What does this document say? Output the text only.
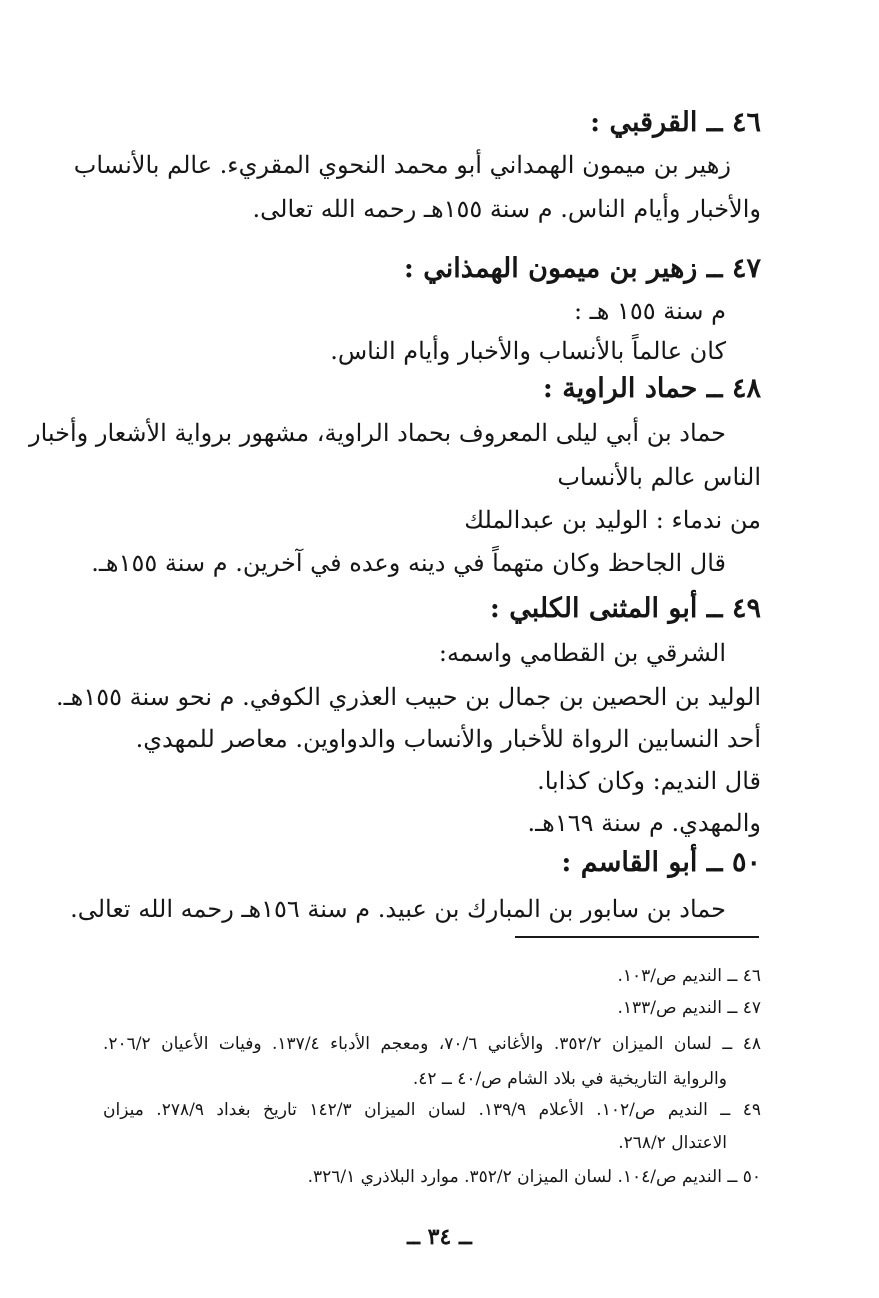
٤٦ ــ القرقبي :
زهير بن ميمون الهمداني أبو محمد النحوي المقريء. عالم بالأنساب
والأخبار وأيام الناس. م سنة ١٥٥هـ رحمه الله تعالى.
٤٧ ــ زهير بن ميمون الهمذاني :
م سنة ١٥٥ هـ :
كان عالماً بالأنساب والأخبار وأيام الناس.
٤٨ ــ حماد الراوية :
حماد بن أبي ليلى المعروف بحماد الراوية، مشهور برواية الأشعار وأخبار
الناس عالم بالأنساب
من ندماء : الوليد بن عبدالملك
قال الجاحظ وكان متهماً في دينه وعده في آخرين. م سنة ١٥٥هـ.
٤٩ ــ أبو المثنى الكلبي :
الشرقي بن القطامي واسمه:
الوليد بن الحصين بن جمال بن حبيب العذري الكوفي. م نحو سنة ١٥٥هـ.
أحد النسابين الرواة للأخبار والأنساب والدواوين. معاصر للمهدي.
قال النديم: وكان كذابا.
والمهدي. م سنة ١٦٩هـ.
٥٠ ــ أبو القاسم :
حماد بن سابور بن المبارك بن عبيد. م سنة ١٥٦هـ رحمه الله تعالى.
٤٦ ــ النديم ص/١٠٣.
٤٧ ــ النديم ص/١٣٣.
٤٨ ــ لسان الميزان ٣٥٢/٢. والأغاني ٧٠/٦، ومعجم الأدباء ١٣٧/٤. وفيات الأعيان ٢٠٦/٢.
والرواية التاريخية في بلاد الشام ص/٤٠ ــ ٤٢.
٤٩ ــ النديم ص/١٠٢. الأعلام ١٣٩/٩. لسان الميزان ١٤٢/٣ تاريخ بغداد ٢٧٨/٩. ميزان
الاعتدال ٢٦٨/٢.
٥٠ ــ النديم ص/١٠٤. لسان الميزان ٣٥٢/٢. موارد البلاذري ٣٢٦/١.
ــ ٣٤ ــ
